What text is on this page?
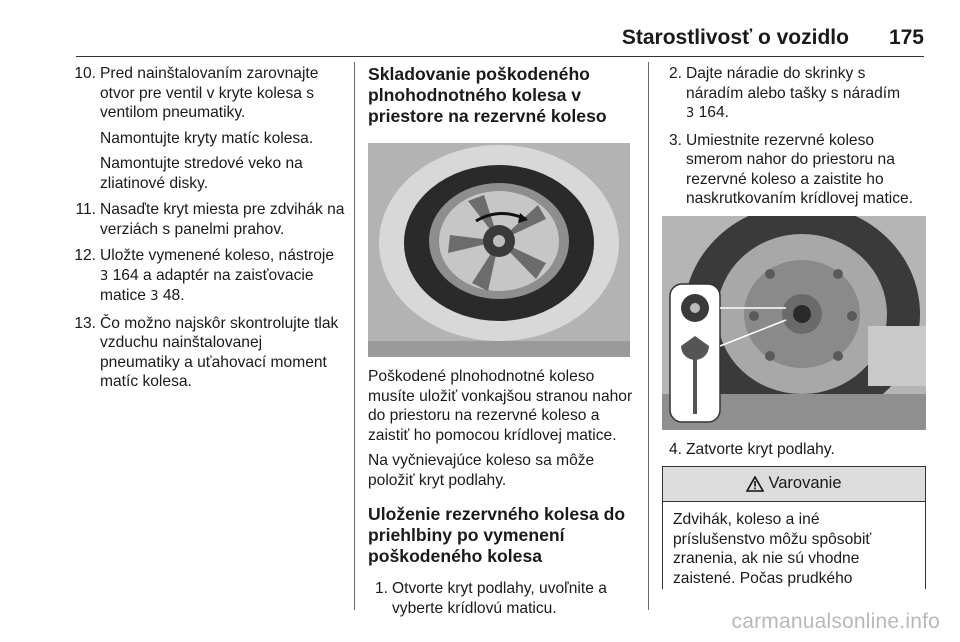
Starostlivosť o vozidlo 175
10. Pred nainštalovaním zarovnajte otvor pre ventil v kryte kolesa s ventilom pneumatiky.
Namontujte kryty matíc kolesa.
Namontujte stredové veko na zliatinové disky.
11. Nasaďte kryt miesta pre zdvihák na verziách s panelmi prahov.
12. Uložte vymenené koleso, nástroje 3 164 a adaptér na zaisťovacie matice 3 48.
13. Čo možno najskôr skontrolujte tlak vzduchu nainštalovanej pneumatiky a uťahovací moment matíc kolesa.
Skladovanie poškodeného plnohodnotného kolesa v priestore na rezervné koleso

Poškodené plnohodnotné koleso musíte uložiť vonkajšou stranou nahor do priestoru na rezervné koleso a zaistiť ho pomocou krídlovej matice.

Na vyčnievajúce koleso sa môže položiť kryt podlahy.

Uloženie rezervného kolesa do priehlbiny po vymenení poškodeného kolesa
1. Otvorte kryt podlahy, uvoľnite a vyberte krídlovú maticu.
2. Dajte náradie do skrinky s náradím alebo tašky s náradím
3 164.
3. Umiestnite rezervné koleso smerom nahor do priestoru na rezervné koleso a zaistite ho naskrutkovaním krídlovej matice.
4. Zatvorte kryt podlahy.
Varovanie
Zdvihák, koleso a iné príslušenstvo môžu spôsobiť zranenia, ak nie sú vhodne zaistené. Počas prudkého
carmanualsonline.info
